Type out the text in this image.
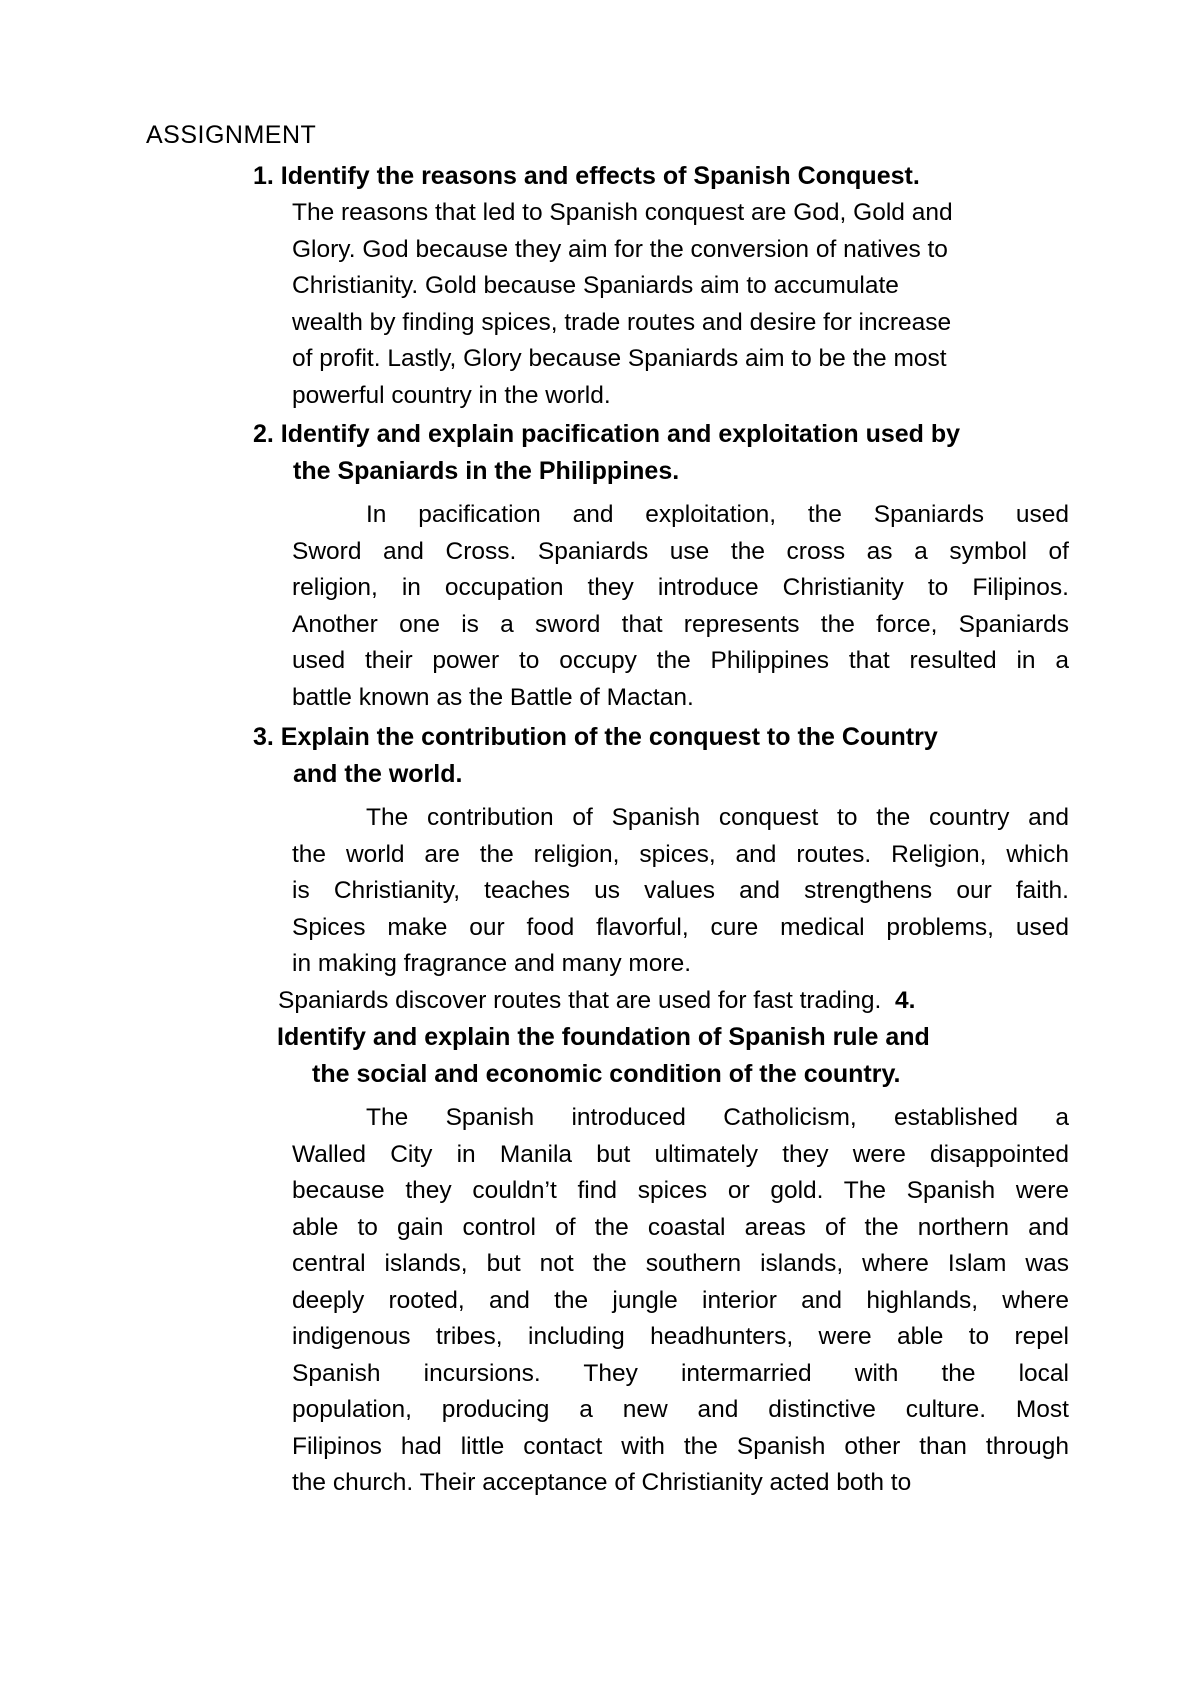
ASSIGNMENT
1. Identify the reasons and effects of Spanish Conquest.
The reasons that led to Spanish conquest are God, Gold and
Glory. God because they aim for the conversion of natives to
Christianity. Gold because Spaniards aim to accumulate
wealth by finding spices, trade routes and desire for increase
of profit. Lastly, Glory because Spaniards aim to be the most
powerful country in the world.
2. Identify and explain pacification and exploitation used by
the Spaniards in the Philippines.
In pacification and exploitation, the Spaniards used
Sword and Cross. Spaniards use the cross as a symbol of
religion, in occupation they introduce Christianity to Filipinos.
Another one is a sword that represents the force, Spaniards
used their power to occupy the Philippines that resulted in a
battle known as the Battle of Mactan.
3. Explain the contribution of the conquest to the Country
and the world.
The contribution of Spanish conquest to the country and
the world are the religion, spices, and routes. Religion, which
is Christianity, teaches us values and strengthens our faith.
Spices make our food flavorful, cure medical problems, used
in making fragrance and many more.
Spaniards discover routes that are used for fast trading. 4.
Identify and explain the foundation of Spanish rule and
the social and economic condition of the country.
The Spanish introduced Catholicism, established a
Walled City in Manila but ultimately they were disappointed
because they couldn’t find spices or gold. The Spanish were
able to gain control of the coastal areas of the northern and
central islands, but not the southern islands, where Islam was
deeply rooted, and the jungle interior and highlands, where
indigenous tribes, including headhunters, were able to repel
Spanish incursions. They intermarried with the local
population, producing a new and distinctive culture. Most
Filipinos had little contact with the Spanish other than through
the church. Their acceptance of Christianity acted both to
